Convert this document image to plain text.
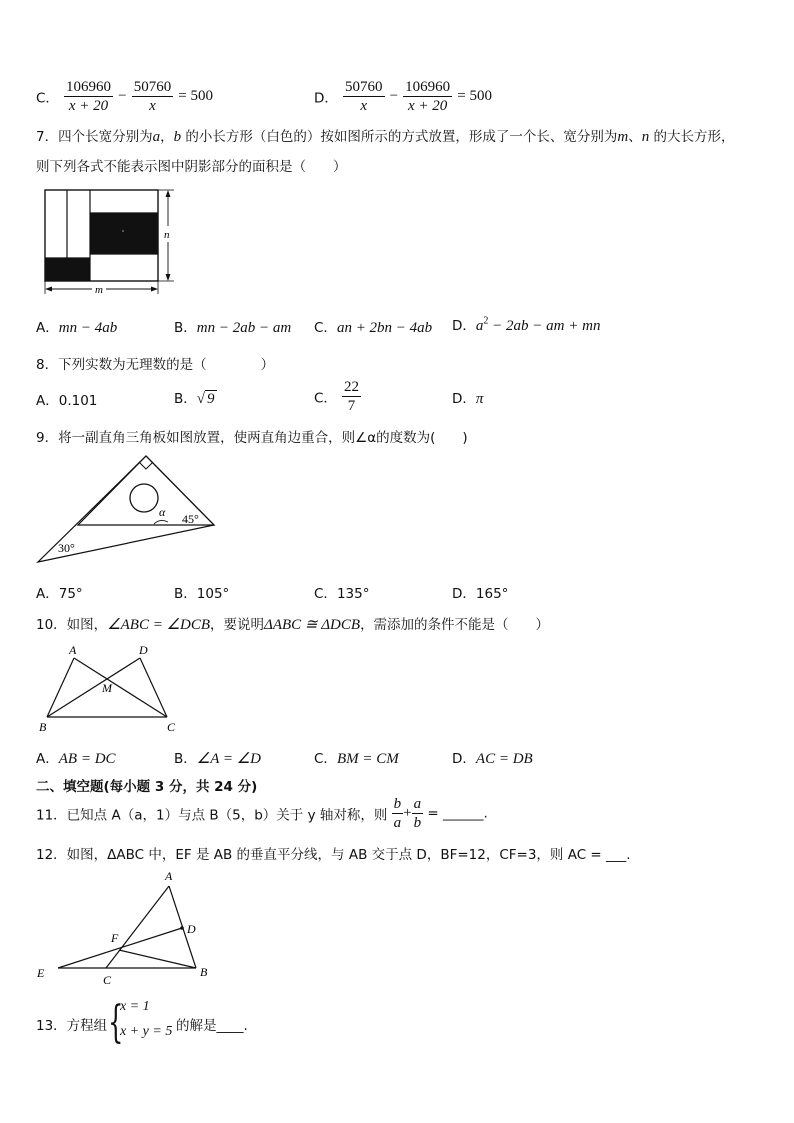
C． $\frac{106960}{x + 20} - \frac{50760}{x} = 500$	D． $\frac{50760}{x} - \frac{106960}{x + 20} = 500$
7．四个长宽分别为a，b 的小长方形（白色的）按如图所示的方式放置，形成了一个长、宽分别为m、n 的大长方形，
则下列各式不能表示图中阴影部分的面积是（　　）
n
m
A．mn − 4ab	B．mn − 2ab − am C．an + 2bn − 4ab D．$a^2 - 2ab$ − am + mn
8．下列实数为无理数的是（　　　　）
A．0.101	B．√ 9	C． $\frac{22}{7}$	D．π
9．将一副直角三角板如图放置，使两直角边重合，则∠α的度数为(　　)
α 45°
30°
A．75°	B．105°	C．135°	D．165°
10．如图，∠ABC = ∠DCB，要说明ΔABC ≅ ΔDCB，需添加的条件不能是（　　）
A	D
M
B	C
A．AB = DC	B．∠A = ∠D	C．BM = CM	D．AC = DB
二、填空题(每小题 3 分，共 24 分)
11．已知点 A（a，1）与点 B（5，b）关于 y 轴对称，则 $\frac{b}{a} + \frac{a}{b}$ = ______.
12．如图，ΔABC 中，EF 是 AB 的垂直平分线，与 AB 交于点 D，BF=12，CF=3，则 AC = ___.
A
D
F
E	C
B
13．方程组 {
x = 1
x + y = 5 的解是____.
